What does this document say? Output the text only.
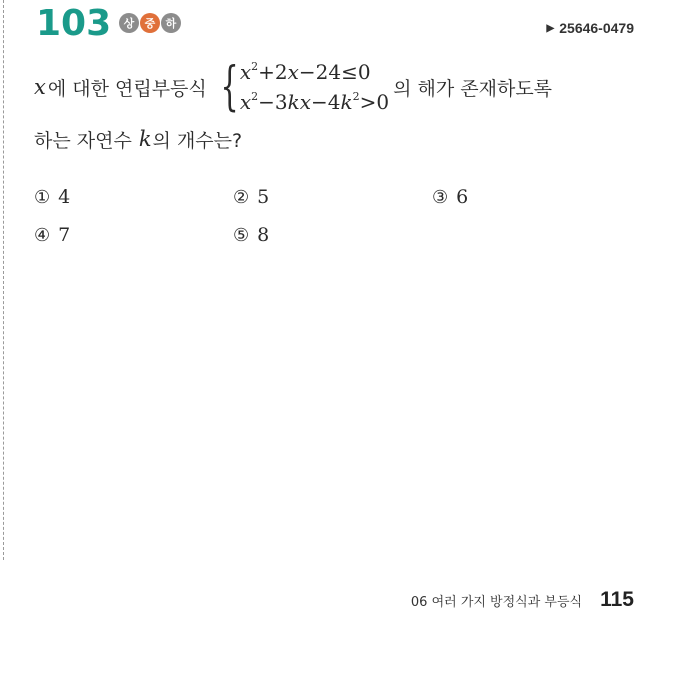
103	상 중 하	▶ 25646-0479
x 에 대한 연립부등식 { $x^2+2x-24\le 0$
$x^2-3kx-4k^2>0$
의 해가 존재하도록
하는 자연수 k 의 개수는?
① 4	② 5	③ 6
④ 7	⑤ 8
06 여러 가지 방정식과 부등식 115
